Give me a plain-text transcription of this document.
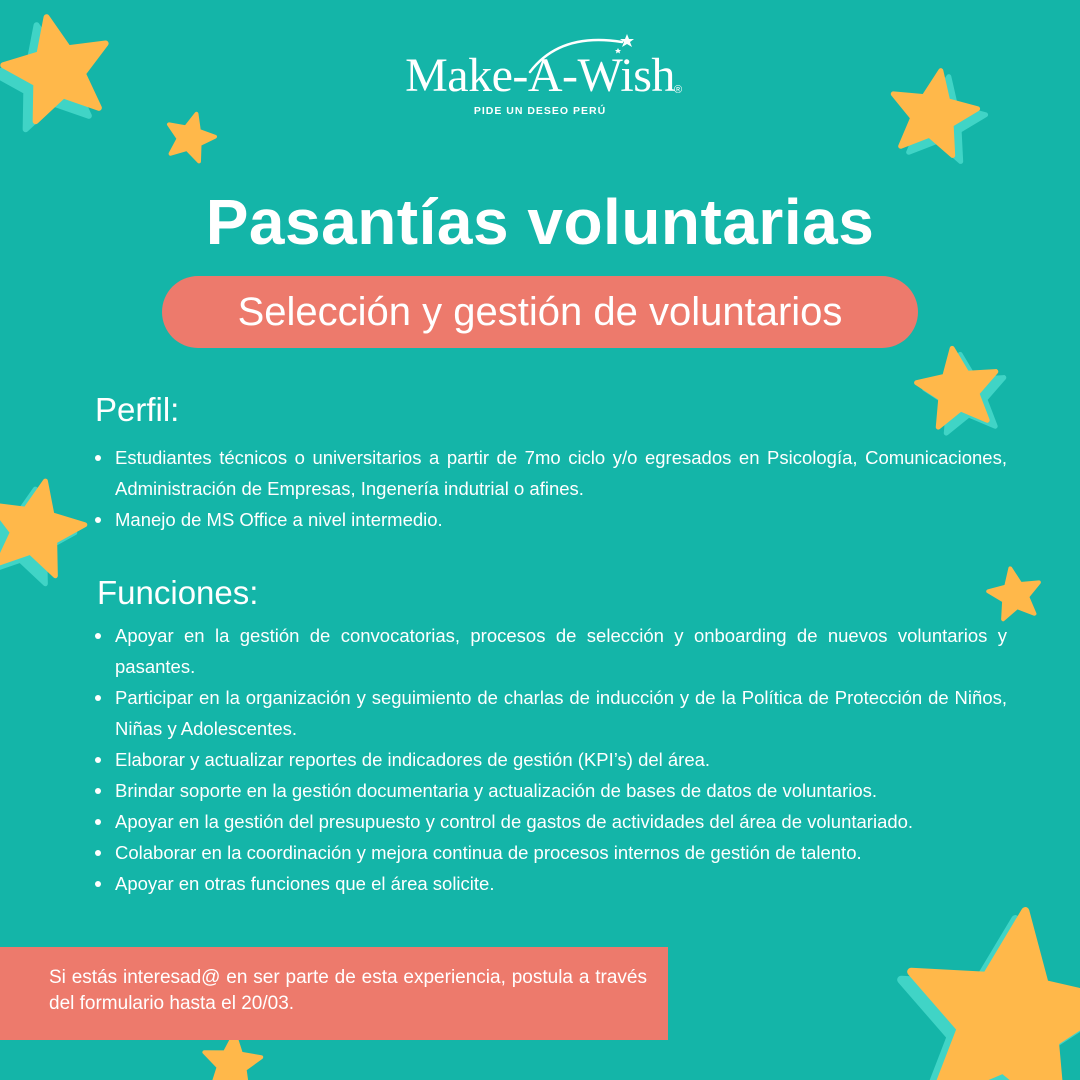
Make-A-Wish ®
PIDE UN DESEO PERÚ
Pasantías voluntarias
Selección y gestión de voluntarios
Perfil:
Estudiantes técnicos o universitarios a partir de 7mo ciclo y/o egresados en Psicología, Comunicaciones, Administración de Empresas, Ingenería indutrial o afines.
Manejo de MS Office a nivel intermedio.
Funciones:
Apoyar en la gestión de convocatorias, procesos de selección y onboarding de nuevos voluntarios y pasantes.
Participar en la organización y seguimiento de charlas de inducción y de la Política de Protección de Niños, Niñas y Adolescentes.
Elaborar y actualizar reportes de indicadores de gestión (KPI’s) del área.
Brindar soporte en la gestión documentaria y actualización de bases de datos de voluntarios.
Apoyar en la gestión del presupuesto y control de gastos de actividades del área de voluntariado.
Colaborar en la coordinación y mejora continua de procesos internos de gestión de talento.
Apoyar en otras funciones que el área solicite.
Si estás interesad@ en ser parte de esta experiencia, postula a través del formulario hasta el 20/03.
